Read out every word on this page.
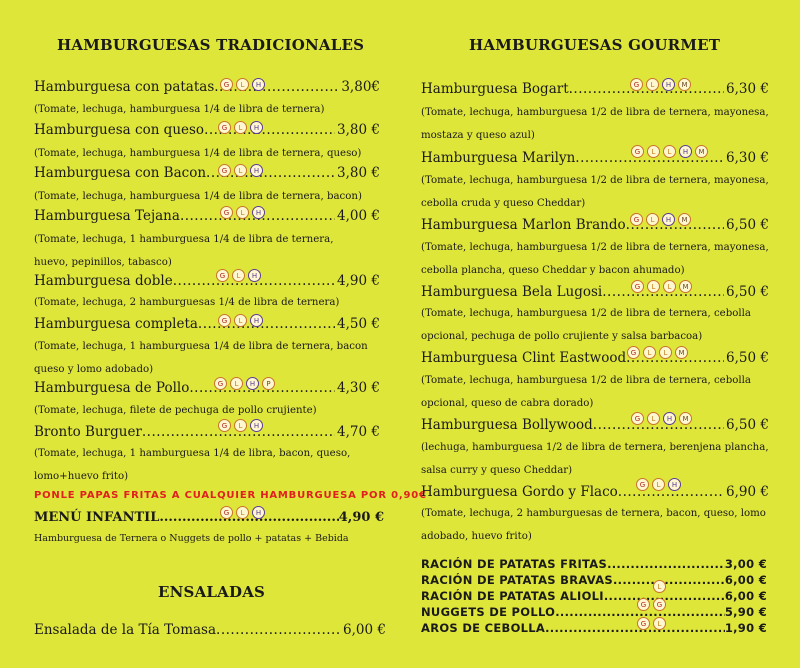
HAMBURGUESAS TRADICIONALES
Hamburguesa con patatas .....	3,80€
G	L	H
(Tomate, lechuga, hamburguesa 1/4 de libra de ternera)
Hamburguesa con queso .....	3,80 €
G	L	H
(Tomate, lechuga, hamburguesa 1/4 de libra de ternera, queso)
Hamburguesa con Bacon .....	3,80 €
G	L	H
(Tomate, lechuga, hamburguesa 1/4 de libra de ternera, bacon)
Hamburguesa Tejana .....	4,00 €
G	L	H
(Tomate, lechuga, 1 hamburguesa 1/4 de libra de ternera, huevo, pepinillos, tabasco)
Hamburguesa doble .....	4,90 €
G	L	H
(Tomate, lechuga, 2 hamburguesas 1/4 de libra de ternera)
Hamburguesa completa .....	4,50 €
G	L	H
(Tomate, lechuga, 1 hamburguesa 1/4 de libra de ternera, bacon queso y lomo adobado)
Hamburguesa de Pollo .....	4,30 €
G	L	H	P
(Tomate, lechuga, filete de pechuga de pollo crujiente)
Bronto Burguer .....	4,70 €
G	L	H
(Tomate, lechuga, 1 hamburguesa 1/4 de libra, bacon, queso, lomo+huevo frito)
PONLE PAPAS FRITAS A CUALQUIER HAMBURGUESA POR 0,90€
MENÚ INFANTIL .....	4,90 €
G	L	H
Hamburguesa de Ternera o Nuggets de pollo + patatas + Bebida
ENSALADAS
Ensalada de la Tía Tomasa .....	6,00 €
HAMBURGUESAS GOURMET
Hamburguesa Bogart .....	6,30 €
G	L	H	M
(Tomate, lechuga, hamburguesa 1/2 de libra de ternera, mayonesa, mostaza y queso azul)
Hamburguesa Marilyn .....	6,30 €
G	L	L	H	M
(Tomate, lechuga, hamburguesa 1/2 de libra de ternera, mayonesa, cebolla cruda y queso Cheddar)
Hamburguesa Marlon Brando .....	6,50 €
G	L	H	M
(Tomate, lechuga, hamburguesa 1/2 de libra de ternera, mayonesa, cebolla plancha, queso Cheddar y bacon ahumado)
Hamburguesa Bela Lugosi .....	6,50 €
G	L	L	M
(Tomate, lechuga, hamburguesa 1/2 de libra de ternera, cebolla opcional, pechuga de pollo crujiente y salsa barbacoa)
Hamburguesa Clint Eastwood .....	6,50 €
G	L	L	M
(Tomate, lechuga, hamburguesa 1/2 de libra de ternera, cebolla opcional, queso de cabra dorado)
Hamburguesa Bollywood .....	6,50 €
G	L	H	M
(lechuga, hamburguesa 1/2 de libra de ternera, berenjena plancha, salsa curry y queso Cheddar)
Hamburguesa Gordo y Flaco .....	6,90 €
G	L	H
(Tomate, lechuga, 2 hamburguesas de ternera, bacon, queso, lomo adobado, huevo frito)
RACIÓN DE PATATAS FRITAS .....	3,00 €
RACIÓN DE PATATAS BRAVAS .....	6,00 €
L
RACIÓN DE PATATAS ALIOLI .....	6,00 €
NUGGETS DE POLLO .....	5,90 €
G	G
AROS DE CEBOLLA .....	1,90 €
G	L
